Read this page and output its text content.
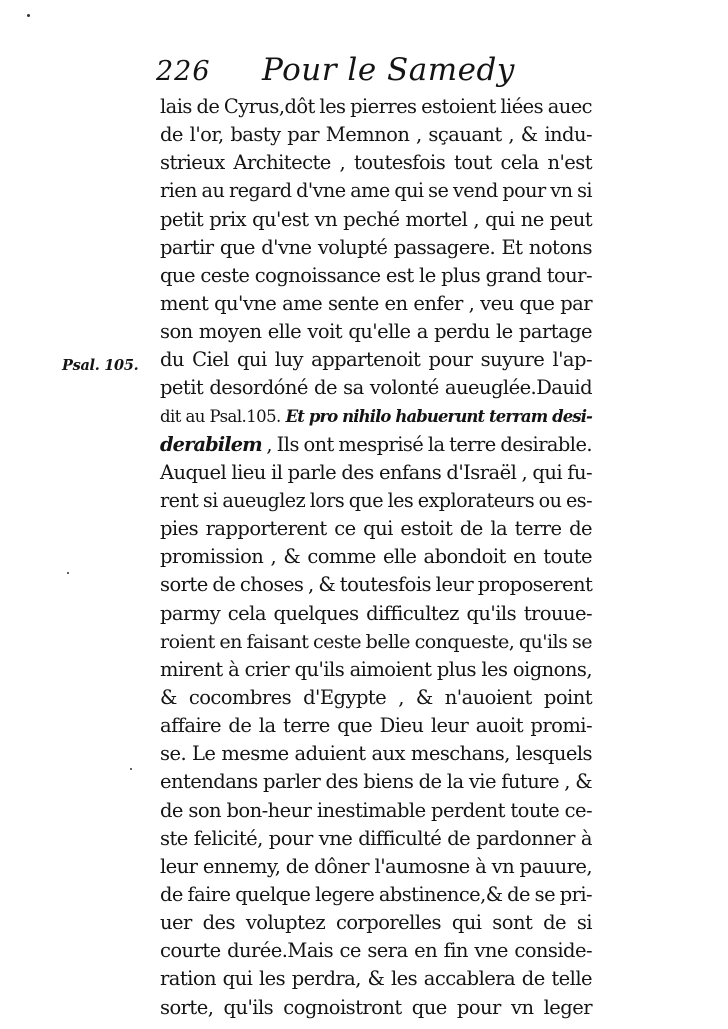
226 Pour le Samedy
Psal. 105.
lais de Cyrus,dôt les pierres estoient liées auec
de l'or, basty par Memnon , sçauant , & indu-
strieux Architecte , toutesfois tout cela n'est
rien au regard d'vne ame qui se vend pour vn si
petit prix qu'est vn peché mortel , qui ne peut
partir que d'vne volupté passagere. Et notons
que ceste cognoissance est le plus grand tour-
ment qu'vne ame sente en enfer , veu que par
son moyen elle voit qu'elle a perdu le partage
du Ciel qui luy appartenoit pour suyure l'ap-
petit desordóné de sa volonté aueuglée.Dauid
dit au Psal.105. Et pro nihilo habuerunt terram desi-
derabilem , Ils ont mesprisé la terre desirable.
Auquel lieu il parle des enfans d'Israël , qui fu-
rent si aueuglez lors que les explorateurs ou es-
pies rapporterent ce qui estoit de la terre de
promission , & comme elle abondoit en toute
sorte de choses , & toutesfois leur proposerent
parmy cela quelques difficultez qu'ils trouue-
roient en faisant ceste belle conqueste, qu'ils se
mirent à crier qu'ils aimoient plus les oignons,
& cocombres d'Egypte , & n'auoient point
affaire de la terre que Dieu leur auoit promi-
se. Le mesme aduient aux meschans, lesquels
entendans parler des biens de la vie future , &
de son bon-heur inestimable perdent toute ce-
ste felicité, pour vne difficulté de pardonner à
leur ennemy, de dôner l'aumosne à vn pauure,
de faire quelque legere abstinence,& de se pri-
uer des voluptez corporelles qui sont de si
courte durée.Mais ce sera en fin vne conside-
ration qui les perdra, & les accablera de telle
sorte, qu'ils cognoistront que pour vn leger
